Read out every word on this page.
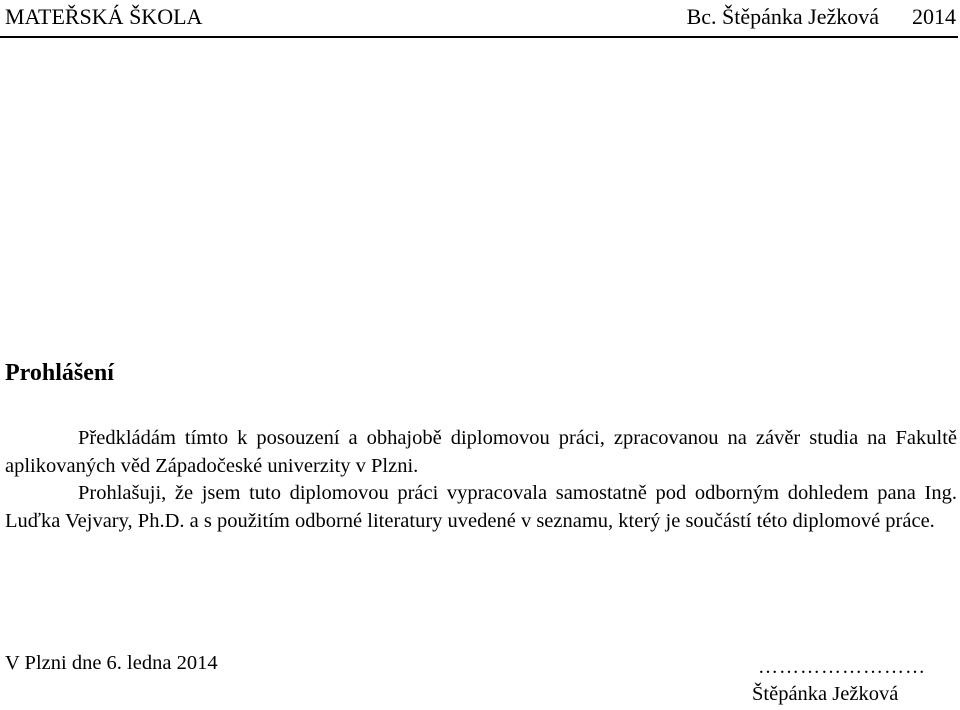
MATEŘSKÁ ŠKOLA	Bc. Štěpánka Ježková      2014
Prohlášení

Předkládám tímto k posouzení a obhajobě diplomovou práci, zpracovanou na závěr studia na Fakultě aplikovaných věd Západočeské univerzity v Plzni.

Prohlašuji, že jsem tuto diplomovou práci vypracovala samostatně pod odborným dohledem pana Ing. Luďka Vejvary, Ph.D. a s použitím odborné literatury uvedené v seznamu, který je součástí této diplomové práce.

V Plzni dne 6. ledna 2014	……………………
Štěpánka Ježková
